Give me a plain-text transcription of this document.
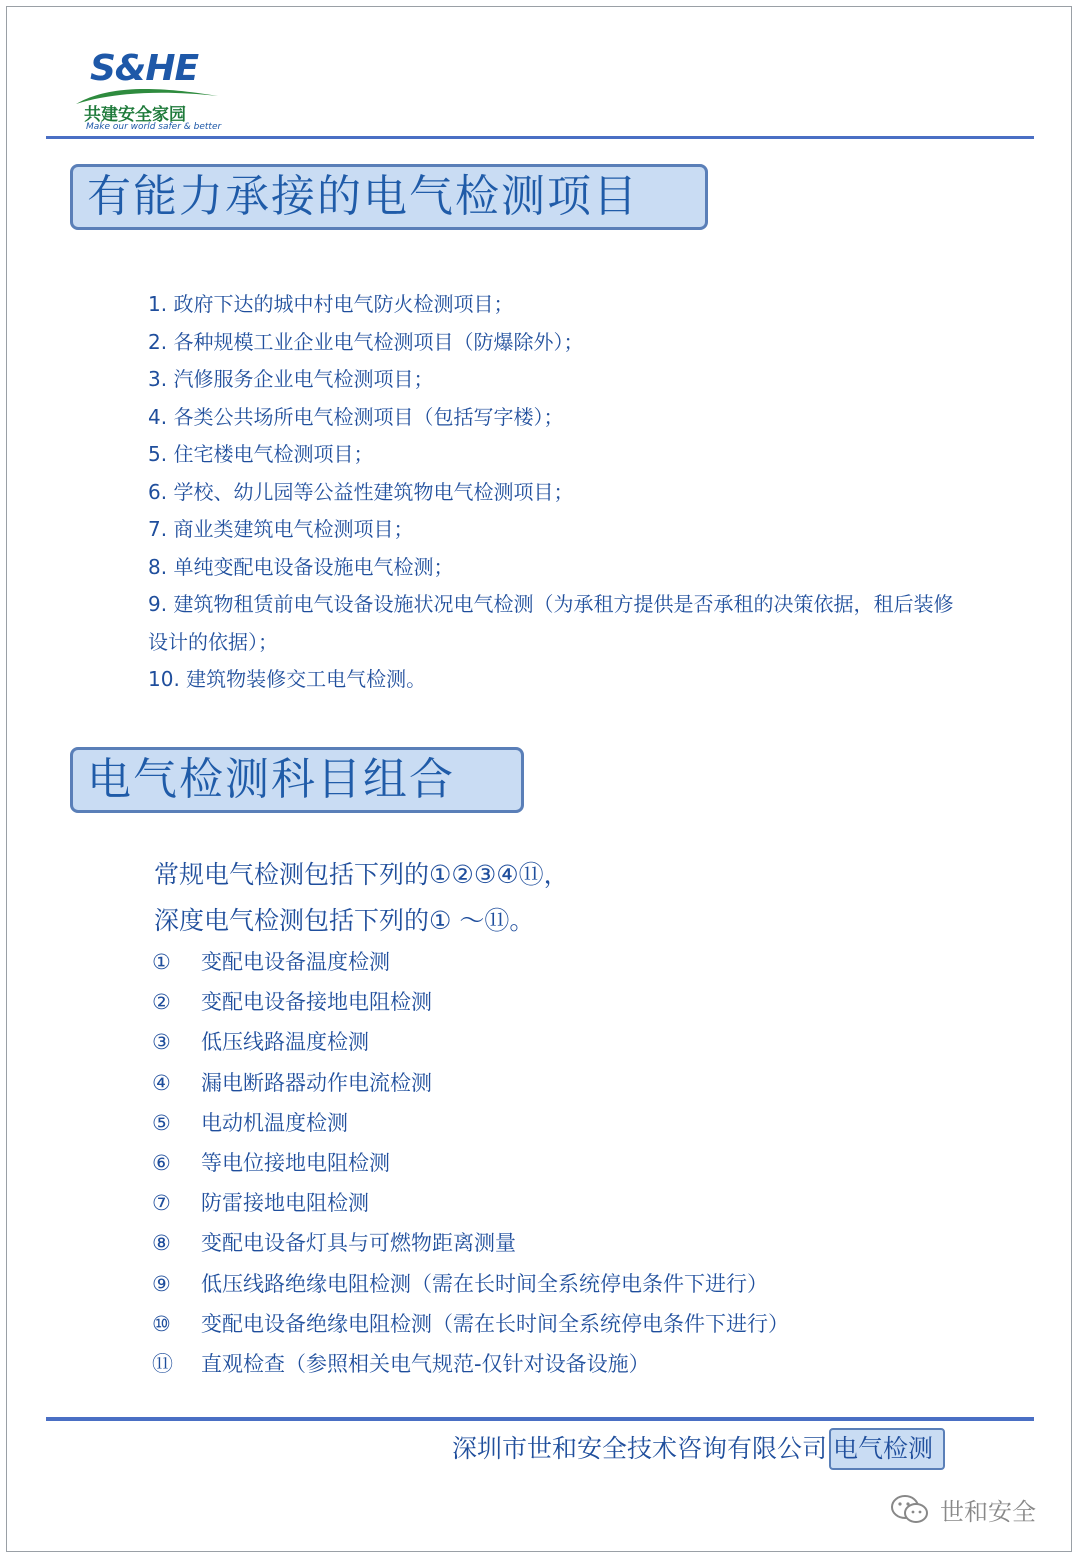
S&HE
共建安全家园
Make our world safer & better
有能力承接的电气检测项目

1. 政府下达的城中村电气防火检测项目；

2. 各种规模工业企业电气检测项目（防爆除外）；

3. 汽修服务企业电气检测项目；

4. 各类公共场所电气检测项目（包括写字楼）；

5. 住宅楼电气检测项目；

6. 学校、幼儿园等公益性建筑物电气检测项目；

7. 商业类建筑电气检测项目；

8. 单纯变配电设备设施电气检测；

9. 建筑物租赁前电气设备设施状况电气检测（为承租方提供是否承租的决策依据，租后装修设计的依据）；

10. 建筑物装修交工电气检测。

电气检测科目组合
常规电气检测包括下列的①②③④⑪，
深度电气检测包括下列的① ～⑪。
①	变配电设备温度检测
②	变配电设备接地电阻检测
③	低压线路温度检测
④	漏电断路器动作电流检测
⑤	电动机温度检测
⑥	等电位接地电阻检测
⑦	防雷接地电阻检测
⑧	变配电设备灯具与可燃物距离测量
⑨	低压线路绝缘电阻检测（需在长时间全系统停电条件下进行）
⑩	变配电设备绝缘电阻检测（需在长时间全系统停电条件下进行）
⑪	直观检查（参照相关电气规范-仅针对设备设施）
深圳市世和安全技术咨询有限公司 电气检测
世和安全
